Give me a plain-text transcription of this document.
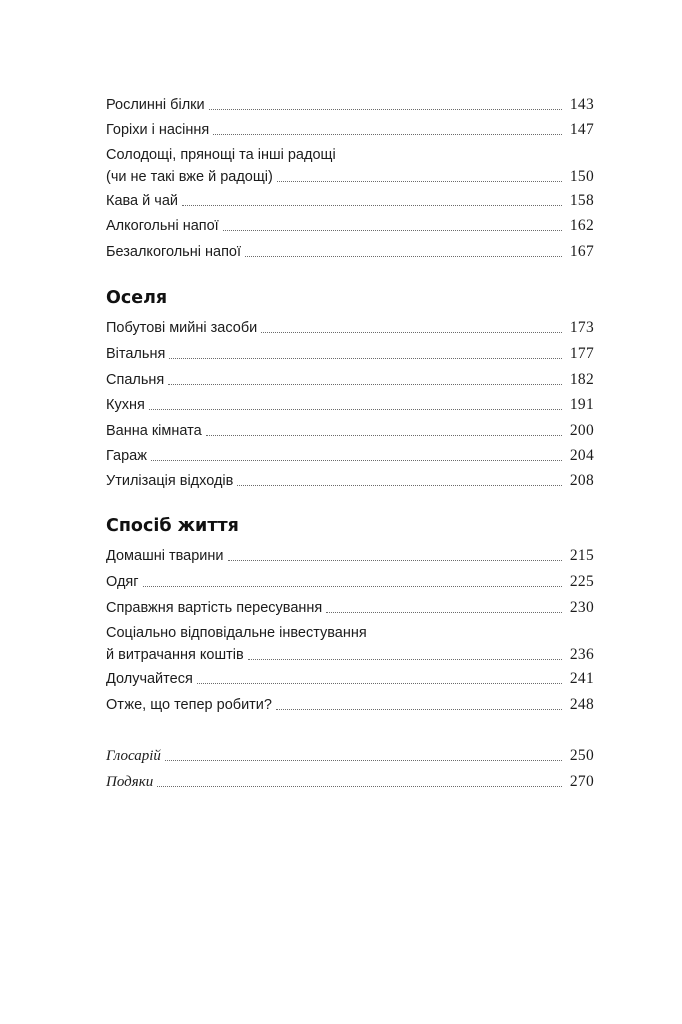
Рослинні білки	143
Горіхи і насіння	147
Солодощі, прянощі та інші радощі
(чи не такі вже й радощі)	150
Кава й чай	158
Алкогольні напої	162
Безалкогольні напої	167
Оселя
Побутові мийні засоби	173
Вітальня	177
Спальня	182
Кухня	191
Ванна кімната	200
Гараж	204
Утилізація відходів	208
Спосіб життя
Домашні тварини	215
Одяг	225
Справжня вартість пересування	230
Соціально відповідальне інвестування
й витрачання коштів	236
Долучайтеся	241
Отже, що тепер робити?	248
Глосарій	250
Подяки	270
